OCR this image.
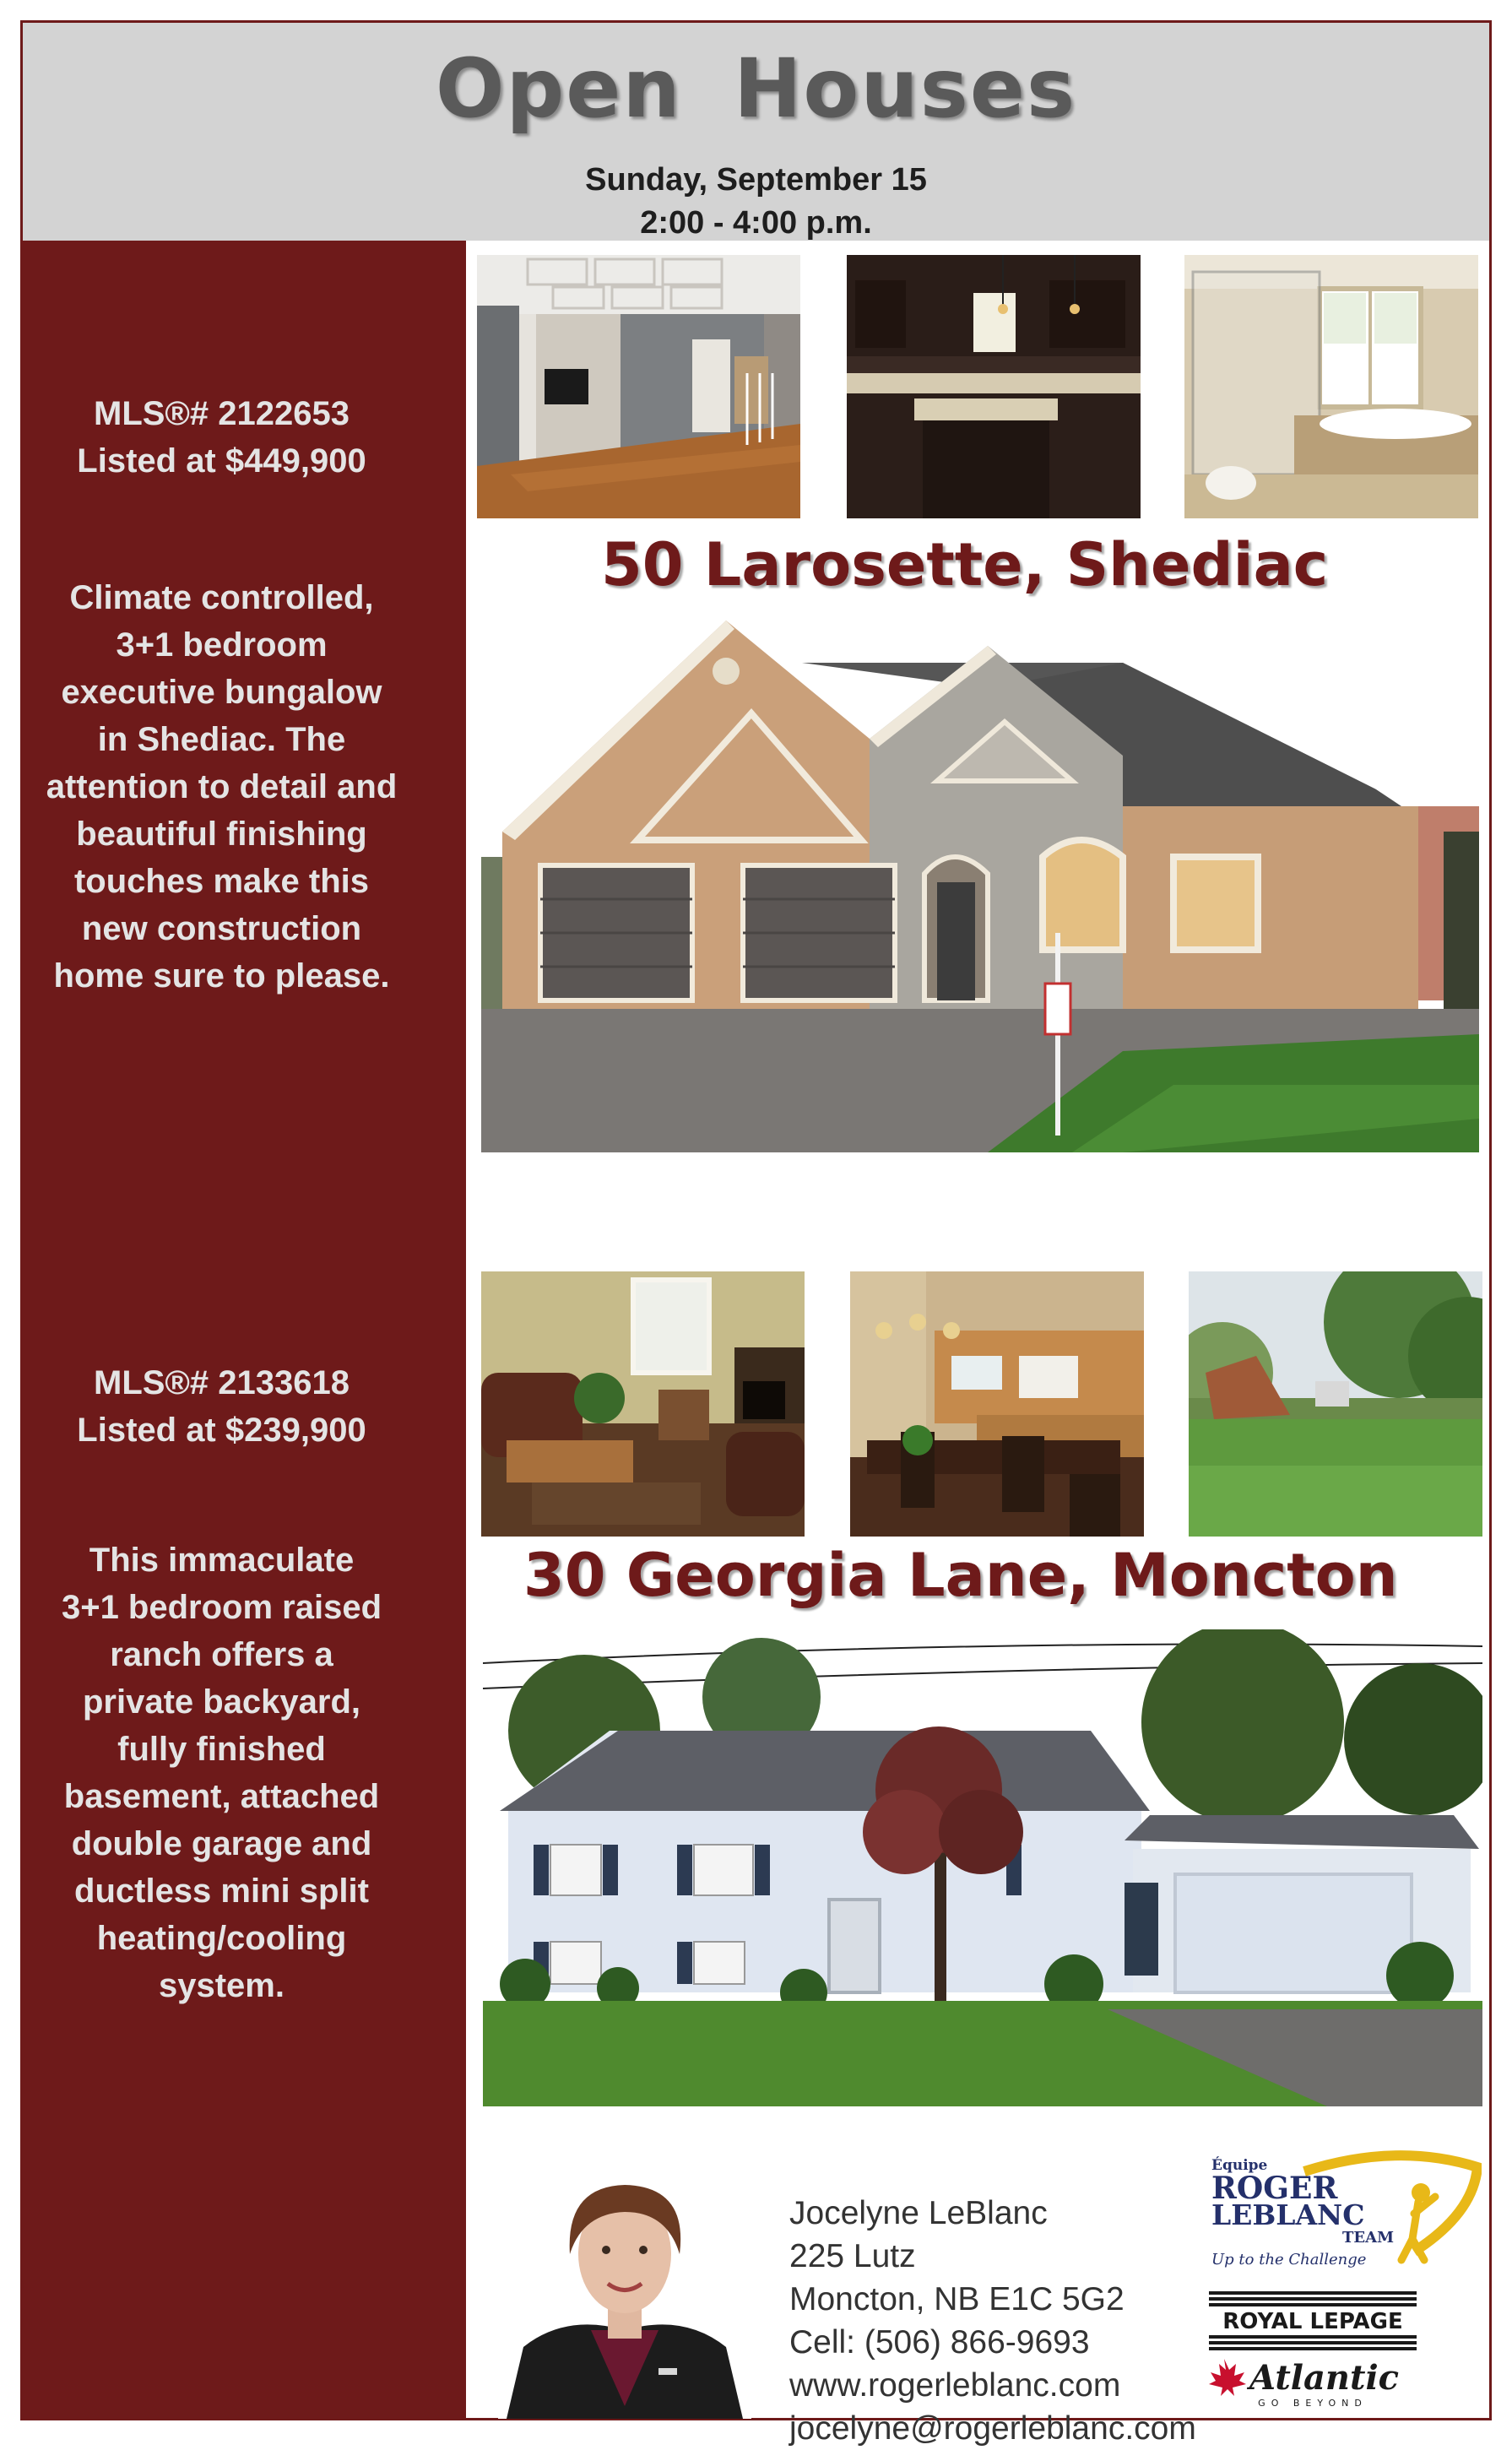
Open Houses
Sunday, September 15
2:00 - 4:00 p.m.
MLS®# 2122653
Listed at $449,900
Climate controlled,
3+1 bedroom
executive bungalow
in Shediac. The
attention to detail and
beautiful finishing
touches make this
new construction
home sure to please.
MLS®# 2133618
Listed at $239,900
This immaculate
3+1 bedroom raised
ranch offers a
private backyard,
fully finished
basement, attached
double garage and
ductless mini split
heating/cooling
system.
50 Larosette, Shediac
30 Georgia Lane, Moncton
Jocelyne LeBlanc
225 Lutz
Moncton, NB E1C 5G2
Cell: (506) 866-9693
www.rogerleblanc.com
jocelyne@rogerleblanc.com
Équipe
ROGER
LEBLANC
TEAM
Up to the Challenge
ROYAL LEPAGE
Atlantic
GO BEYOND
